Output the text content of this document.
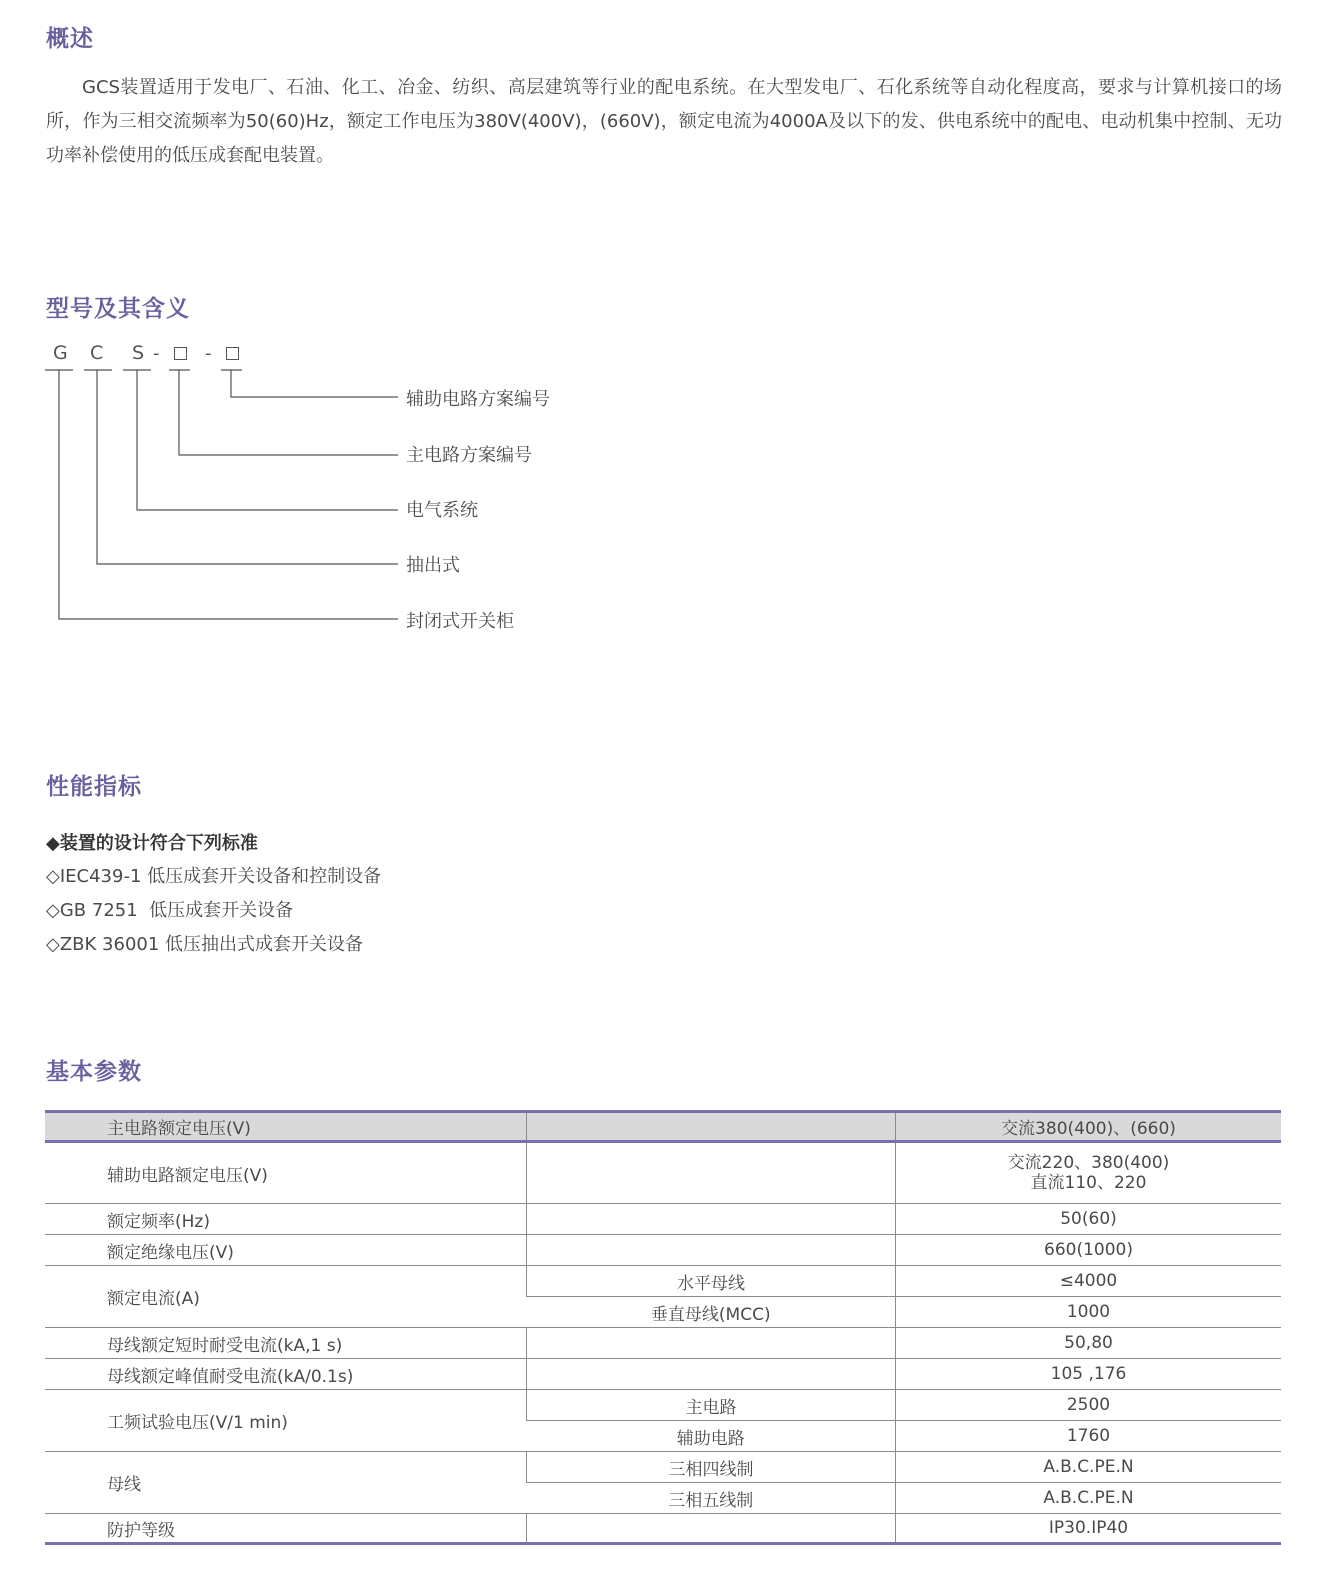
概述

GCS装置适用于发电厂、石油、化工、冶金、纺织、高层建筑等行业的配电系统。在大型发电厂、石化系统等自动化程度高，要求与计算机接口的场所，作为三相交流频率为50(60)Hz，额定工作电压为380V(400V)，(660V)，额定电流为4000A及以下的发、供电系统中的配电、电动机集中控制、无功功率补偿使用的低压成套配电装置。

型号及其含义
G C S -	-
辅助电路方案编号
主电路方案编号
电气系统
抽出式
封闭式开关柜
性能指标
◆装置的设计符合下列标准
◇IEC439-1 低压成套开关设备和控制设备
◇GB 7251  低压成套开关设备
◇ZBK 36001 低压抽出式成套开关设备
基本参数
主电路额定电压(V)		交流380(400)、(660)
辅助电路额定电压(V)		交流220、380(400)
直流110、220

额定频率(Hz)		50(60)
额定绝缘电压(V)		660(1000)
额定电流(A)	水平母线	≤4000
	垂直母线(MCC)	1000
母线额定短时耐受电流(kA,1 s)		50,80
母线额定峰值耐受电流(kA/0.1s)		105 ,176
工频试验电压(V/1 min)	主电路	2500
	辅助电路	1760
母线	三相四线制	A.B.C.PE.N
	三相五线制	A.B.C.PE.N
防护等级		IP30.IP40
